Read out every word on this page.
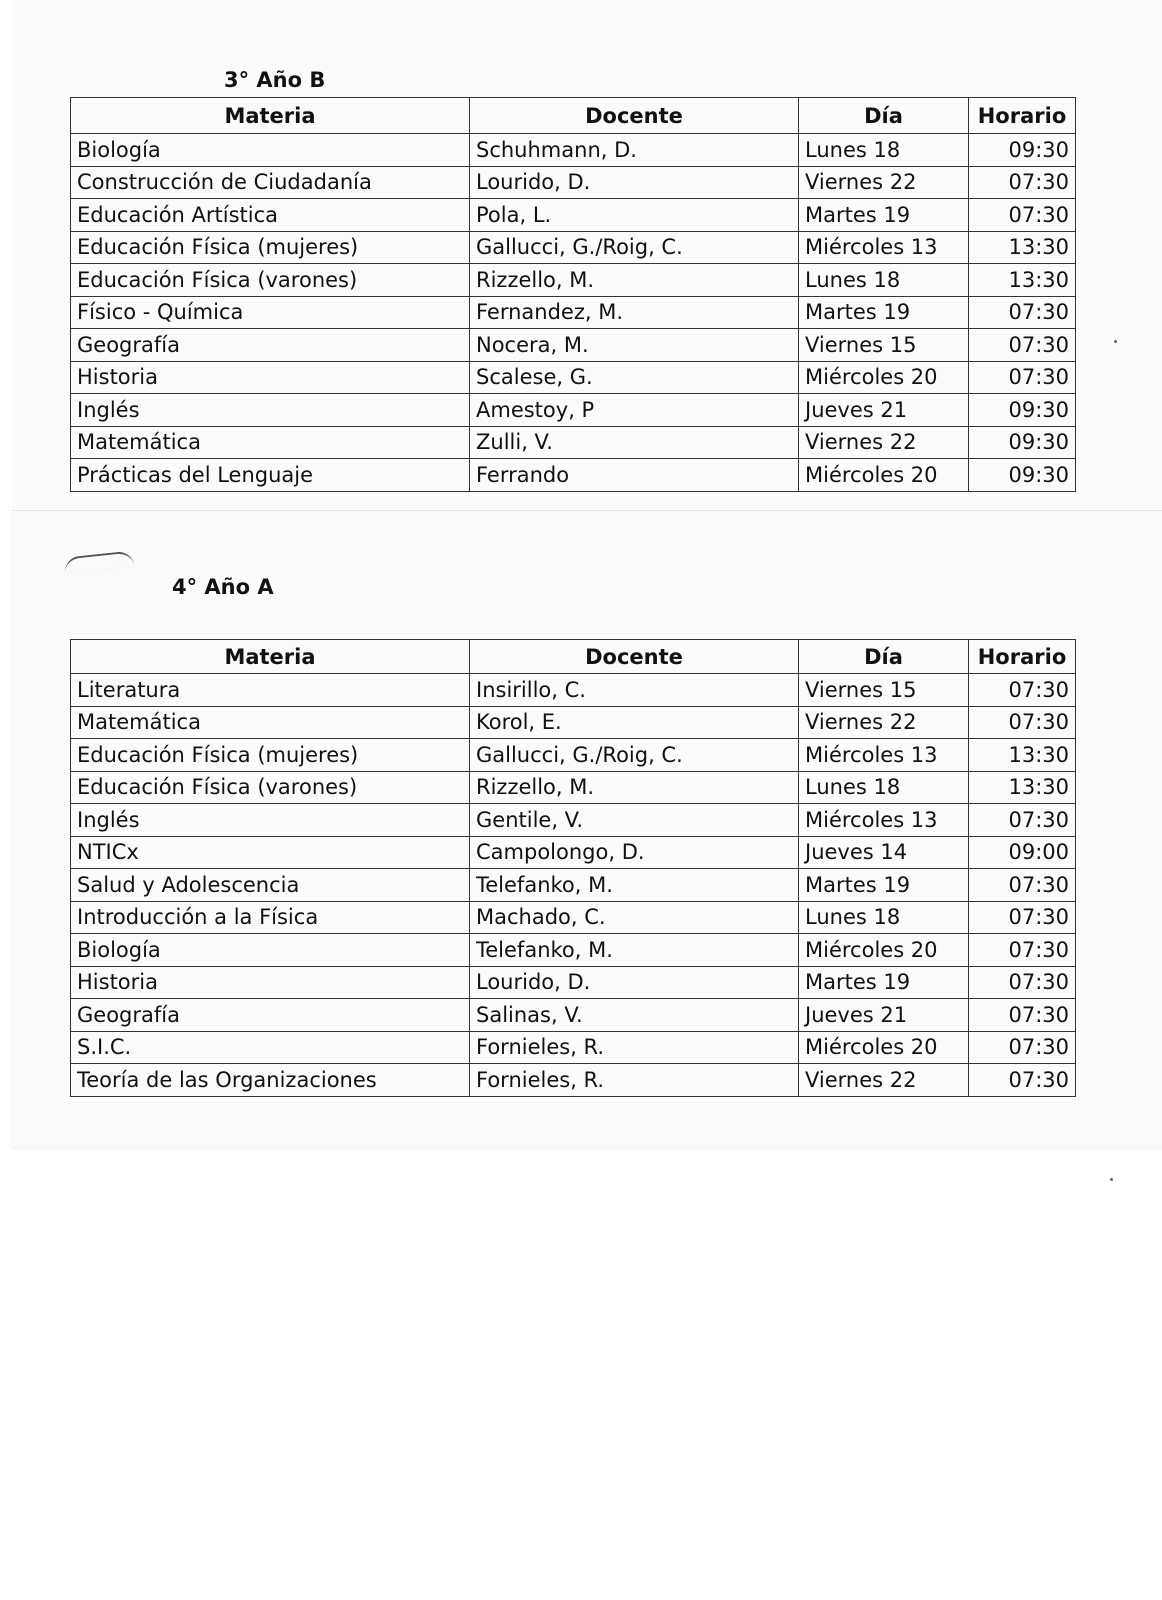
3° Año B
Materia	Docente	Día	Horario
Biología	Schuhmann, D.	Lunes 18	09:30
Construcción de Ciudadanía	Lourido, D.	Viernes 22	07:30
Educación Artística	Pola, L.	Martes 19	07:30
Educación Física (mujeres)	Gallucci, G./Roig, C.	Miércoles 13	13:30
Educación Física (varones)	Rizzello, M.	Lunes 18	13:30
Físico - Química	Fernandez, M.	Martes 19	07:30
Geografía	Nocera, M.	Viernes 15	07:30
Historia	Scalese, G.	Miércoles 20	07:30
Inglés	Amestoy, P	Jueves 21	09:30
Matemática	Zulli, V.	Viernes 22	09:30
Prácticas del Lenguaje	Ferrando	Miércoles 20	09:30
4° Año A
Materia	Docente	Día	Horario
Literatura	Insirillo, C.	Viernes 15	07:30
Matemática	Korol, E.	Viernes 22	07:30
Educación Física (mujeres)	Gallucci, G./Roig, C.	Miércoles 13	13:30
Educación Física (varones)	Rizzello, M.	Lunes 18	13:30
Inglés	Gentile, V.	Miércoles 13	07:30
NTICx	Campolongo, D.	Jueves 14	09:00
Salud y Adolescencia	Telefanko, M.	Martes 19	07:30
Introducción a la Física	Machado, C.	Lunes 18	07:30
Biología	Telefanko, M.	Miércoles 20	07:30
Historia	Lourido, D.	Martes 19	07:30
Geografía	Salinas, V.	Jueves 21	07:30
S.I.C.	Fornieles, R.	Miércoles 20	07:30
Teoría de las Organizaciones	Fornieles, R.	Viernes 22	07:30
